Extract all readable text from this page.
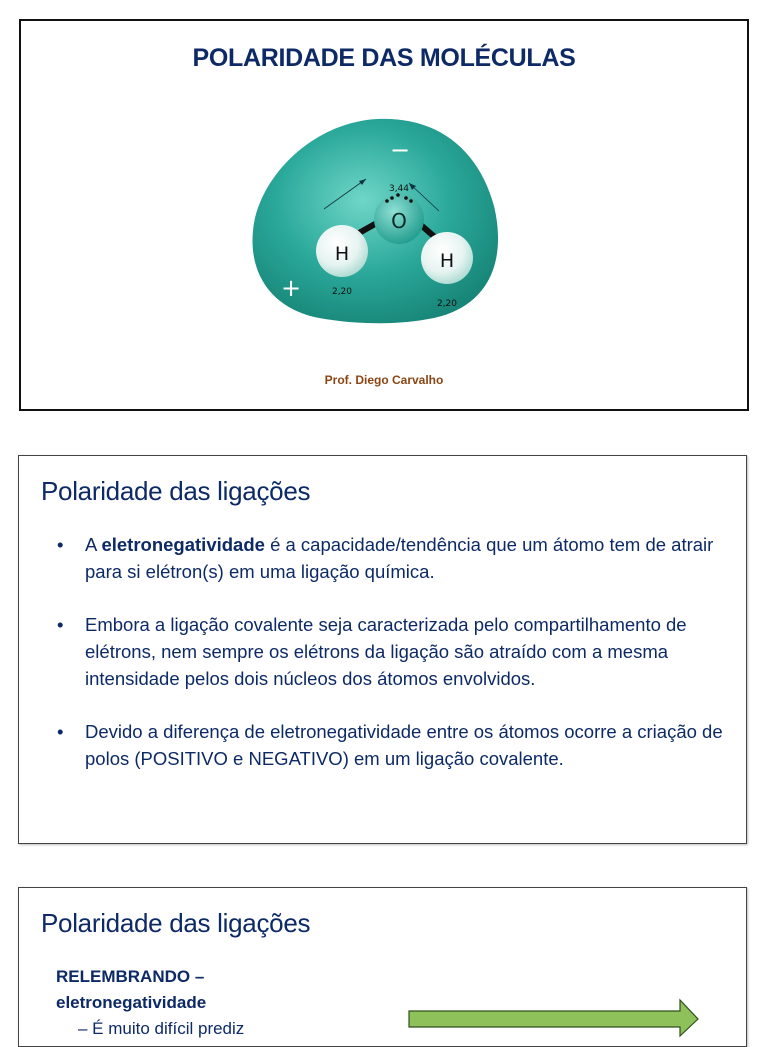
POLARIDADE DAS MOLÉCULAS
O
H	H
3,44
2,20
2,20
−
+	+
Prof. Diego Carvalho
Polaridade das ligações
• A eletronegatividade é a capacidade/tendência que um átomo tem de atrair para si elétron(s) em uma ligação química.
• Embora a ligação covalente seja caracterizada pelo compartilhamento de elétrons, nem sempre os elétrons da ligação são atraído com a mesma intensidade pelos dois núcleos dos átomos envolvidos.
• Devido a diferença de eletronegatividade entre os átomos ocorre a criação de polos (POSITIVO e NEGATIVO) em um ligação covalente.
Polaridade das ligações
RELEMBRANDO –
eletronegatividade
– É muito difícil prediz
